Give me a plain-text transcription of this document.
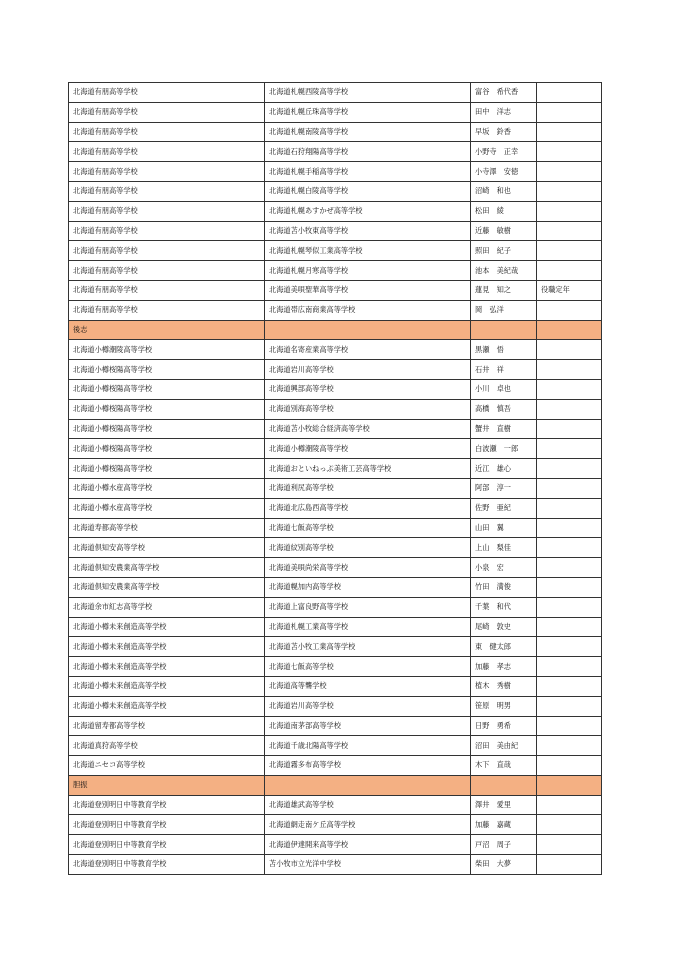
北海道有朋高等学校	北海道札幌西陵高等学校	富谷　希代香	
北海道有朋高等学校	北海道札幌丘珠高等学校	田中　洋志	
北海道有朋高等学校	北海道札幌南陵高等学校	早坂　鈴香	
北海道有朋高等学校	北海道石狩翔陽高等学校	小野寺　正幸	
北海道有朋高等学校	北海道札幌手稲高等学校	小寺澤　安徳	
北海道有朋高等学校	北海道札幌白陵高等学校	沼崎　和也	
北海道有朋高等学校	北海道札幌あすかぜ高等学校	松田　綾	
北海道有朋高等学校	北海道苫小牧東高等学校	近藤　敏樹	
北海道有朋高等学校	北海道札幌琴似工業高等学校	照田　紀子	
北海道有朋高等学校	北海道札幌月寒高等学校	池本　美紀哉	
北海道有朋高等学校	北海道美唄聖華高等学校	蓮見　知之	役職定年
北海道有朋高等学校	北海道帯広南商業高等学校	岡　弘洋	
後志			
北海道小樽潮陵高等学校	北海道名寄産業高等学校	黒瀬　悟	
北海道小樽桜陽高等学校	北海道岩川高等学校	石井　祥	
北海道小樽桜陽高等学校	北海道興部高等学校	小川　卓也	
北海道小樽桜陽高等学校	北海道別海高等学校	高橋　慎吾	
北海道小樽桜陽高等学校	北海道苫小牧総合経済高等学校	蟹井　直樹	
北海道小樽桜陽高等学校	北海道小樽潮陵高等学校	白波瀬　一郎	
北海道小樽桜陽高等学校	北海道おといねっぷ美術工芸高等学校	近江　雄心	
北海道小樽水産高等学校	北海道利尻高等学校	阿部　淳一	
北海道小樽水産高等学校	北海道北広島西高等学校	佐野　亜紀	
北海道寿都高等学校	北海道七飯高等学校	山田　翼	
北海道倶知安高等学校	北海道紋別高等学校	上山　梨佳	
北海道倶知安農業高等学校	北海道美唄尚栄高等学校	小泉　宏	
北海道倶知安農業高等学校	北海道幌加内高等学校	竹田　満俊	
北海道余市紅志高等学校	北海道上富良野高等学校	千葉　和代	
北海道小樽未来創造高等学校	北海道札幌工業高等学校	尾崎　敦史	
北海道小樽未来創造高等学校	北海道苫小牧工業高等学校	東　健太郎	
北海道小樽未来創造高等学校	北海道七飯高等学校	加藤　孝志	
北海道小樽未来創造高等学校	北海道高等聾学校	植木　秀樹	
北海道小樽未来創造高等学校	北海道岩川高等学校	笹原　明男	
北海道留寿都高等学校	北海道南茅部高等学校	日野　勇希	
北海道真狩高等学校	北海道千歳北陽高等学校	沼田　美由紀	
北海道ニセコ高等学校	北海道霧多布高等学校	木下　直哉	
胆振			
北海道登別明日中等教育学校	北海道雄武高等学校	澤井　愛里	
北海道登別明日中等教育学校	北海道網走南ケ丘高等学校	加藤　嘉蔵	
北海道登別明日中等教育学校	北海道伊達開来高等学校	戸沼　周子	
北海道登別明日中等教育学校	苫小牧市立光洋中学校	柴田　大夢	
